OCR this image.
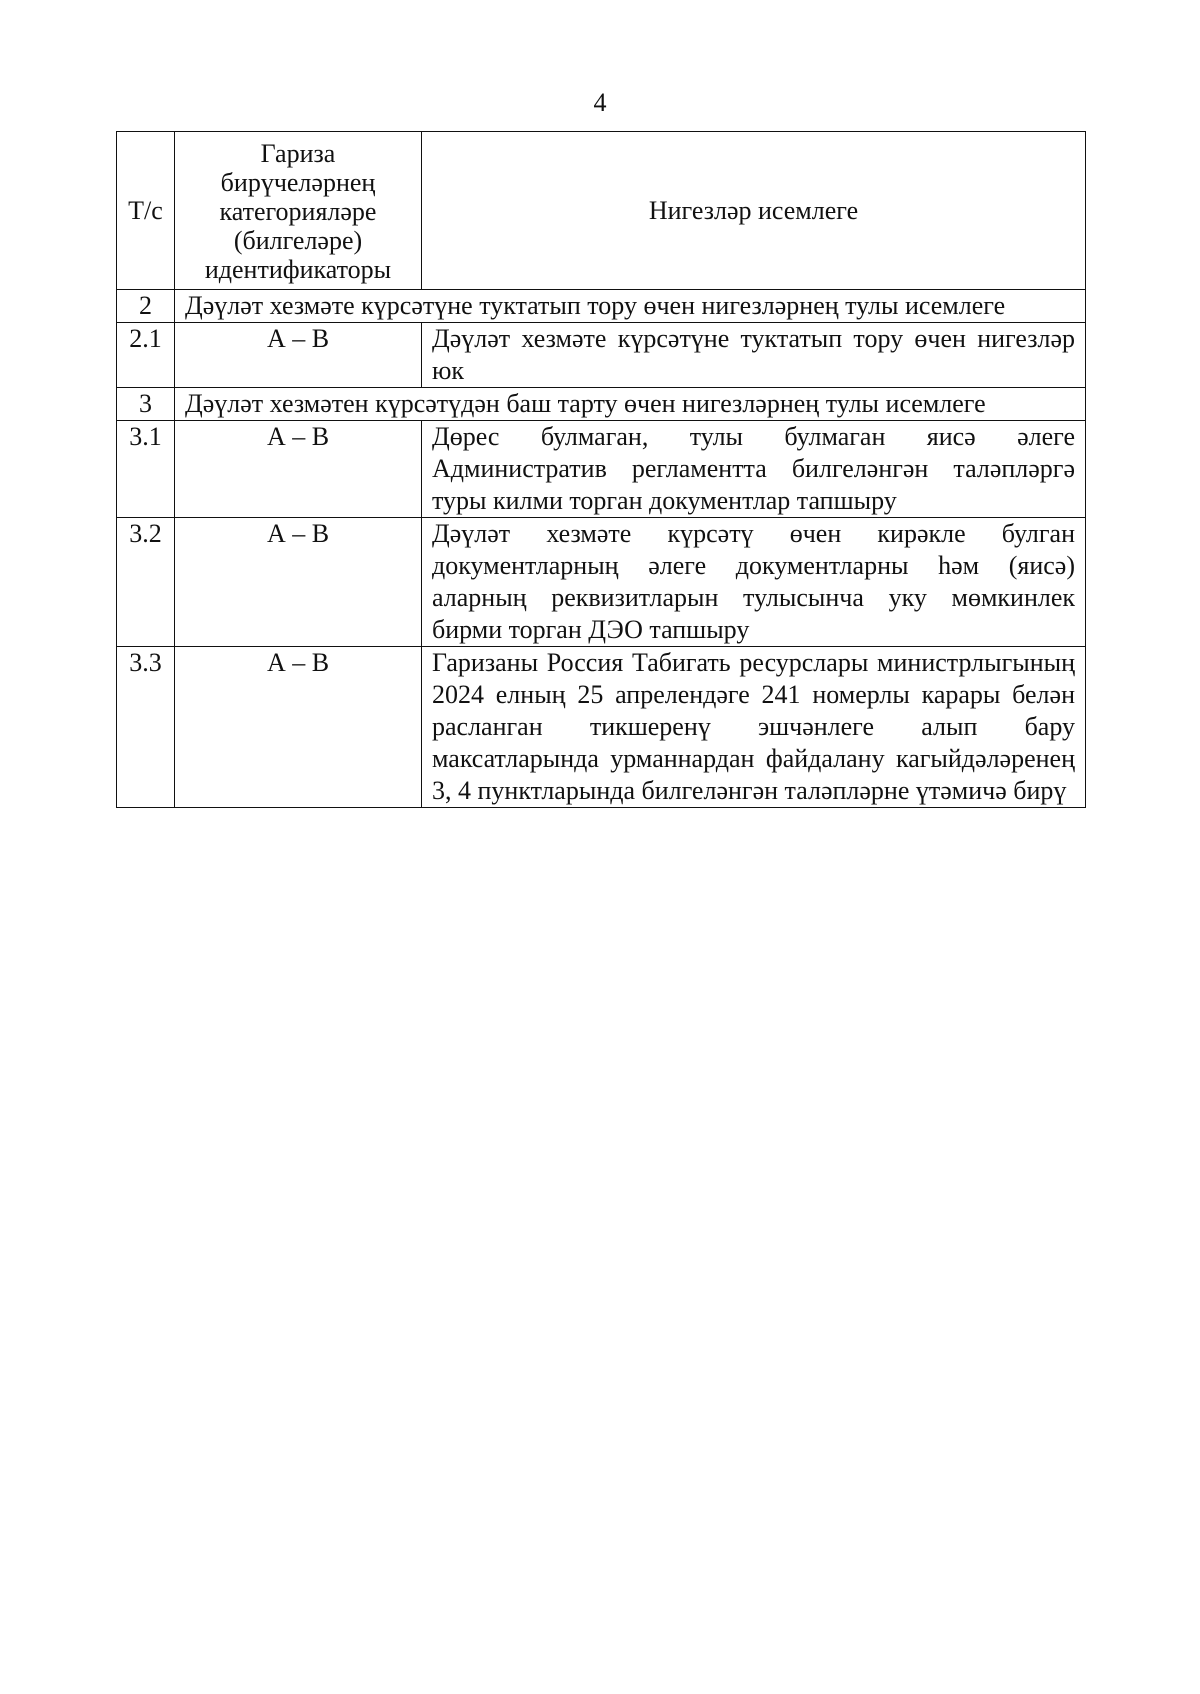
4
Т/с	Гариза бирүчеләрнең категорияләре (билгеләре) идентификаторы	Нигезләр исемлеге
2	Дәүләт хезмәте күрсәтүне туктатып тору өчен нигезләрнең тулы исемлеге	
2.1	А – В	Дәүләт хезмәте күрсәтүне туктатып тору өчен нигезләр юк
3	Дәүләт хезмәтен күрсәтүдән баш тарту өчен нигезләрнең тулы исемлеге	
3.1	А – В	Дөрес булмаган, тулы булмаган яисә әлеге Административ регламентта билгеләнгән таләпләргә туры килми торган документлар тапшыру
3.2	А – В	Дәүләт хезмәте күрсәтү өчен кирәкле булган документларның әлеге документларны һәм (яисә) аларның реквизитларын тулысынча уку мөмкинлек бирми торган ДЭО тапшыру
3.3	А – В	Гаризаны Россия Табигать ресурслары министрлыгының 2024 елның 25 апрелендәге 241 номерлы карары белән расланган тикшеренү эшчәнлеге алып бару максатларында урманнардан файдалану кагыйдәләренең 3, 4 пунктларында билгеләнгән таләпләрне үтәмичә бирү
